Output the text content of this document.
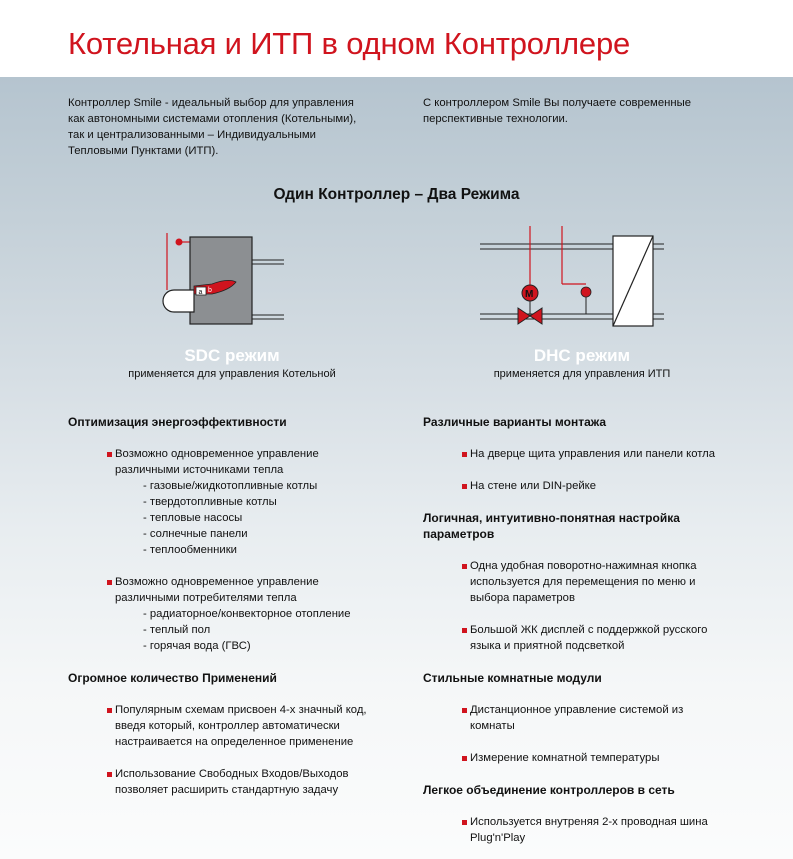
Котельная и ИТП в одном Контроллере
Контроллер Smile - идеальный выбор для управления
как автономными системами отопления (Котельными),
так и централизованными – Индивидуальными
Тепловыми Пунктами (ИТП).
С контроллером Smile Вы получаете современные
перспективные технологии.
Один Контроллер – Два Режима
a b	M
SDC режим
применяется для управления Котельной
DHC режим
применяется для управления ИТП
Оптимизация энергоэффективности
Возможно одновременное управление
различными источниками тепла
- газовые/жидкотопливные котлы
- твердотопливные котлы
- тепловые насосы
- солнечные панели
- теплообменники
Возможно одновременное управление
различными потребителями тепла
- радиаторное/конвекторное отопление
- теплый пол
- горячая вода (ГВС)
Огромное количество Применений
Популярным схемам присвоен 4-х значный код,
введя который, контроллер автоматически
настраивается на определенное применение
Использование Свободных Входов/Выходов
позволяет расширить стандартную задачу
Различные варианты монтажа
На дверце щита управления или панели котла
На стене или DIN-рейке
Логичная, интуитивно-понятная настройка
параметров
Одна удобная поворотно-нажимная кнопка
используется для перемещения по меню и
выбора параметров
Большой ЖК дисплей с поддержкой русского
языка и приятной подсветкой
Стильные комнатные модули
Дистанционное управление системой из
комнаты
Измерение комнатной температуры
Легкое объединение контроллеров в сеть
Используется внутреняя 2-х проводная шина
Plug'n'Play
